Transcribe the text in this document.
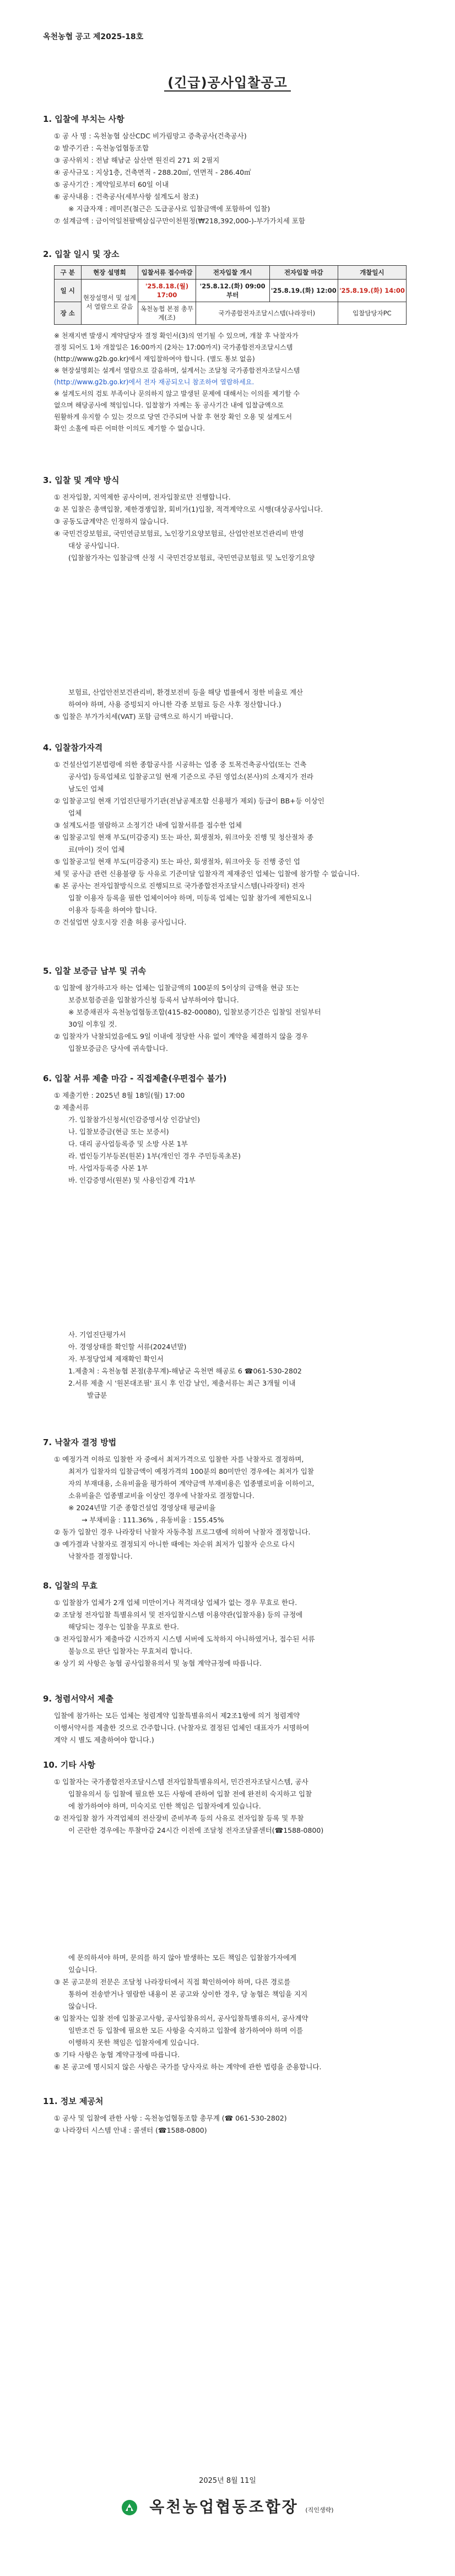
옥천농협 공고 제2025-18호
(긴급)공사입찰공고
1. 입찰에 부치는 사항
① 공 사 명 : 옥천농협 삼산CDC 비가림망고 증축공사(건축공사)
② 발주기관 : 옥천농업협동조합
③ 공사위치 : 전남 해남군 삼산면 원진리 271 외 2필지
④ 공사규모 : 지상1층, 건축면적 - 288.20㎡, 연면적 - 286.40㎡
⑤ 공사기간 : 계약일로부터 60일 이내
⑥ 공사내용 : 건축공사(세부사항 설계도서 참조)
※ 지급자재 : 레미콘(철근은 도급공사로 입찰금액에 포함하여 입찰)
⑦ 설계금액 : 금이억일천팔백삼십구만이천원정(₩218,392,000-)-부가가치세 포함
2. 입찰 일시 및 장소
구 분	현장 설명회	입찰서류 접수마감	전자입찰 개시	전자입찰 마감	개찰일시
일 시	현장설명서 및 설계서 열람으로 갈음	'25.8.18.(월) 17:00	'25.8.12.(화) 09:00부터	'25.8.19.(화) 12:00	'25.8.19.(화) 14:00
장 소		옥천농협 본점 총무계(조)	국가종합전자조달시스템(나라장터)		입찰담당자PC
※ 천재지변 발생시 계약담당자 결정 확인서(3)의 연기될 수 있으며, 개찰 후 낙찰자가
결정 되어도 1차 개찰일은 16:00까지 (2차는 17:00까지) 국가종합전자조달시스템
(http://www.g2b.go.kr)에서 재입찰하여야 합니다. (별도 통보 없음)
※ 현장설명회는 설계서 열람으로 갈음하며, 설계서는 조달청 국가종합전자조달시스템
(http://www.g2b.go.kr)에서 전자 재공되오니 참조하여 열람하세요.
※ 설계도서의 검토 부족이나 문의하지 않고 발생된 문제에 대해서는 이의를 제기할 수
없으며 해당공사에 책임입니다. 입찰참가 자께는 동 공사기간 내에 입찰금액으로
원활하게 유지할 수 있는 것으로 당연 간주되며 낙찰 후 현장 확인 오용 및 설계도서
확인 소홀에 따른 어떠한 이의도 제기할 수 없습니다.
3. 입찰 및 계약 방식
① 전자입찰, 지역제한 공사이며, 전자입찰로만 진행합니다.
② 본 입찰은 총액입찰, 제한경쟁입찰, 회비가(1)입찰, 적격계약으로 시행(대상공사입니다.
③ 공동도급계약은 인정하지 않습니다.
④ 국민건강보험료, 국민연금보험료, 노인장기요양보험료, 산업안전보건관리비 반영
대상 공사입니다.
(입찰참가자는 입찰금액 산정 시 국민건강보험료, 국민연금보험료 및 노인장기요양
보험료, 산업안전보건관리비, 환경보전비 등을 해당 법률에서 정한 비율로 계산
하여야 하며, 사용 증빙되지 아니한 각종 보험료 등은 사후 정산합니다.)
⑤ 입찰은 부가가치세(VAT) 포함 금액으로 하시기 바랍니다.
4. 입찰참가자격
① 건설산업기본법령에 의한 종합공사를 시공하는 업종 중 토목건축공사업(또는 건축
공사업) 등록업체로 입찰공고일 현재 기준으로 주된 영업소(본사)의 소재지가 전라
남도인 업체
② 입찰공고일 현재 기업진단평가기관(전남공제조합 신용평가 제외) 등급이 BB+등 이상인
업체
③ 설계도서를 열람하고 소정기간 내에 입찰서류를 접수한 업체
④ 입찰공고일 현재 부도(미감중지) 또는 파산, 회생절차, 워크아웃 진행 및 청산절차 종
료(마이) 것이 업체
⑤ 입찰공고일 현재 부도(미감중지) 또는 파산, 회생절차, 워크아웃 등 진행 중인 업
체 및 공사금 관련 신용불량 등 사유로 기준미달 입찰자격 제재중인 업체는 입찰에 참가할 수 없습니다.
⑥ 본 공사는 전자입찰방식으로 진행되므로 국가종합전자조달시스템(나라장터) 전자
입찰 이용자 등록을 필한 업체이어야 하며, 미등록 업체는 입찰 참가에 제한되오니
이용자 등록을 하여야 합니다.
⑦ 건설업면 상호시장 진출 허용 공사입니다.
5. 입찰 보증금 납부 및 귀속
① 입찰에 참가하고자 하는 업체는 입찰금액의 100분의 5이상의 금액을 현금 또는
보증보험증권을 입찰참가신청 등록서 납부하여야 합니다.
※ 보증채권자 옥천농업협동조합(415-82-00080), 입찰보증기간은 입찰일 전일부터
30일 이후일 것.
② 입찰자가 낙찰되었음에도 9일 이내에 정당한 사유 없이 계약을 체결하지 않을 경우
입찰보증금은 당사에 귀속합니다.
6. 입찰 서류 제출 마감 - 직접제출(우편접수 불가)
① 제출기한 : 2025년 8월 18일(월) 17:00
② 제출서류
가. 입찰참가신청서(인감증명서상 인감날인)
나. 입찰보증금(현금 또는 보증서)
다. 대리 공사업등록증 및 소방 사본 1부
라. 법인등기부등본(원본) 1부(개인인 경우 주민등록초본)
마. 사업자등록증 사본 1부
바. 인감증명서(원본) 및 사용인감계 각1부
사. 기업진단평가서
아. 경영상태를 확인할 서류(2024년말)
자. 부정당업체 제재확인 확인서
1.제출처 : 옥천농협 본점(총무계)-해남군 옥천면 해공로 6 ☎061-530-2802
2.서류 제출 시 '원본대조필' 표시 후 인감 날인, 제출서류는 최근 3개월 이내
발급분
7. 낙찰자 결정 방법
① 예정가격 이하로 입찰한 자 중에서 최저가격으로 입찰한 자를 낙찰자로 결정하며,
최저가 입찰자의 입찰금액이 예정가격의 100분의 80미만인 경우에는 최저가 입찰
자의 부재대용, 소유비율을 평가하여 계약금액 부재비용은 업종별로비율 이하이고,
소유비율은 업종별교비율 이상인 경우에 낙찰자로 결정합니다.
※ 2024년말 기준 종합건설업 경영상태 평균비율
→ 부채비율 : 111.36% , 유동비율 : 155.45%
② 동가 입찰인 경우 나라장터 낙찰자 자동추첨 프로그램에 의하여 낙찰자 결정합니다.
③ 예가결과 낙찰자로 결정되지 아니한 때에는 차순위 최저가 입찰자 순으로 다시
낙찰자를 결정합니다.
8. 입찰의 무효
① 입찰참가 업체가 2개 업체 미만이거나 적격대상 업체가 없는 경우 무효로 한다.
② 조달청 전자입찰 특별유의서 및 전자입찰시스템 이용약관(입찰자용) 등의 규정에
해당되는 경우는 입찰을 무효로 한다.
③ 전자입찰서가 제출마감 시간까지 시스템 서버에 도착하지 아니하였거나, 접수된 서류
불능으로 판단 입찰자는 무효처리 합니다.
④ 상기 외 사항은 농협 공사입찰유의서 및 농협 계약규정에 따릅니다.
9. 청렴서약서 제출
입찰에 참가하는 모든 업체는 청렴계약 입찰특별유의서 제2조1항에 의거 청렴계약
이행서약서를 제출한 것으로 간주합니다. (낙찰자로 결정된 업체인 대표자가 서명하여
계약 시 별도 제출하여야 합니다.)
10. 기타 사항
① 입찰자는 국가종합전자조달시스템 전자입찰특별유의서, 민간전자조달시스템, 공사
입찰유의서 등 입찰에 필요한 모든 사항에 관하여 입찰 전에 완전히 숙지하고 입찰
에 참가하여야 하며, 미숙지로 인한 책임은 입찰자에게 있습니다.
② 전자입찰 참가 자격업체의 전산장비 준비부족 등의 사유로 전자입찰 등록 및 투찰
이 곤란한 경우에는 투찰마감 24시간 이전에 조달청 전자조달콜센터(☎1588-0800)
에 문의하셔야 하며, 문의를 하지 않아 발생하는 모든 책임은 입찰참가자에게
있습니다.
③ 본 공고문의 전문은 조달청 나라장터에서 직접 확인하여야 하며, 다른 경로를
통하여 전송받거나 열람한 내용이 본 공고와 상이한 경우, 당 농협은 책임을 지지
않습니다.
④ 입찰자는 입찰 전에 입찰공고사항, 공사입찰유의서, 공사입찰특별유의서, 공사계약
일반조건 등 입찰에 필요한 모든 사항을 숙지하고 입찰에 참가하여야 하며 이를
이행하지 못한 책임은 입찰자에게 있습니다.
⑤ 기타 사항은 농협 계약규정에 따릅니다.
⑥ 본 공고에 명시되지 않은 사항은 국가를 당사자로 하는 계약에 관한 법령을 준용합니다.
11. 정보 제공처
① 공사 및 입찰에 관한 사항 : 옥천농업협동조합 총무계 (☎ 061-530-2802)
② 나라장터 시스템 안내 : 콜센터 (☎1588-0800)
2025년 8월 11일
옥천농업협동조합장 (직인생략)
